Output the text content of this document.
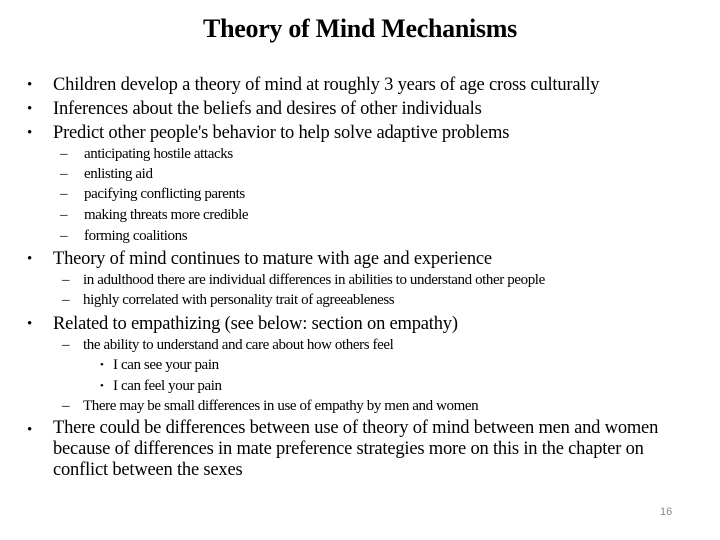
Theory of Mind Mechanisms
• Children develop a theory of mind at roughly 3 years of age cross culturally
• Inferences about the beliefs and desires of other individuals
• Predict other people's behavior to help solve adaptive problems
– anticipating hostile attacks
– enlisting aid
– pacifying conflicting parents
– making threats more credible
– forming coalitions
• Theory of mind continues to mature with age and experience
– in adulthood there are individual differences in abilities to understand other people
– highly correlated with personality trait of agreeableness
• Related to empathizing (see below: section on empathy)
– the ability to understand and care about how others feel
• I can see your pain
• I can feel your pain
– There may be small differences in use of empathy by men and women
• There could be differences between use of theory of mind between men and women because of differences in mate preference strategies more on this in the chapter on conflict between the sexes
16
